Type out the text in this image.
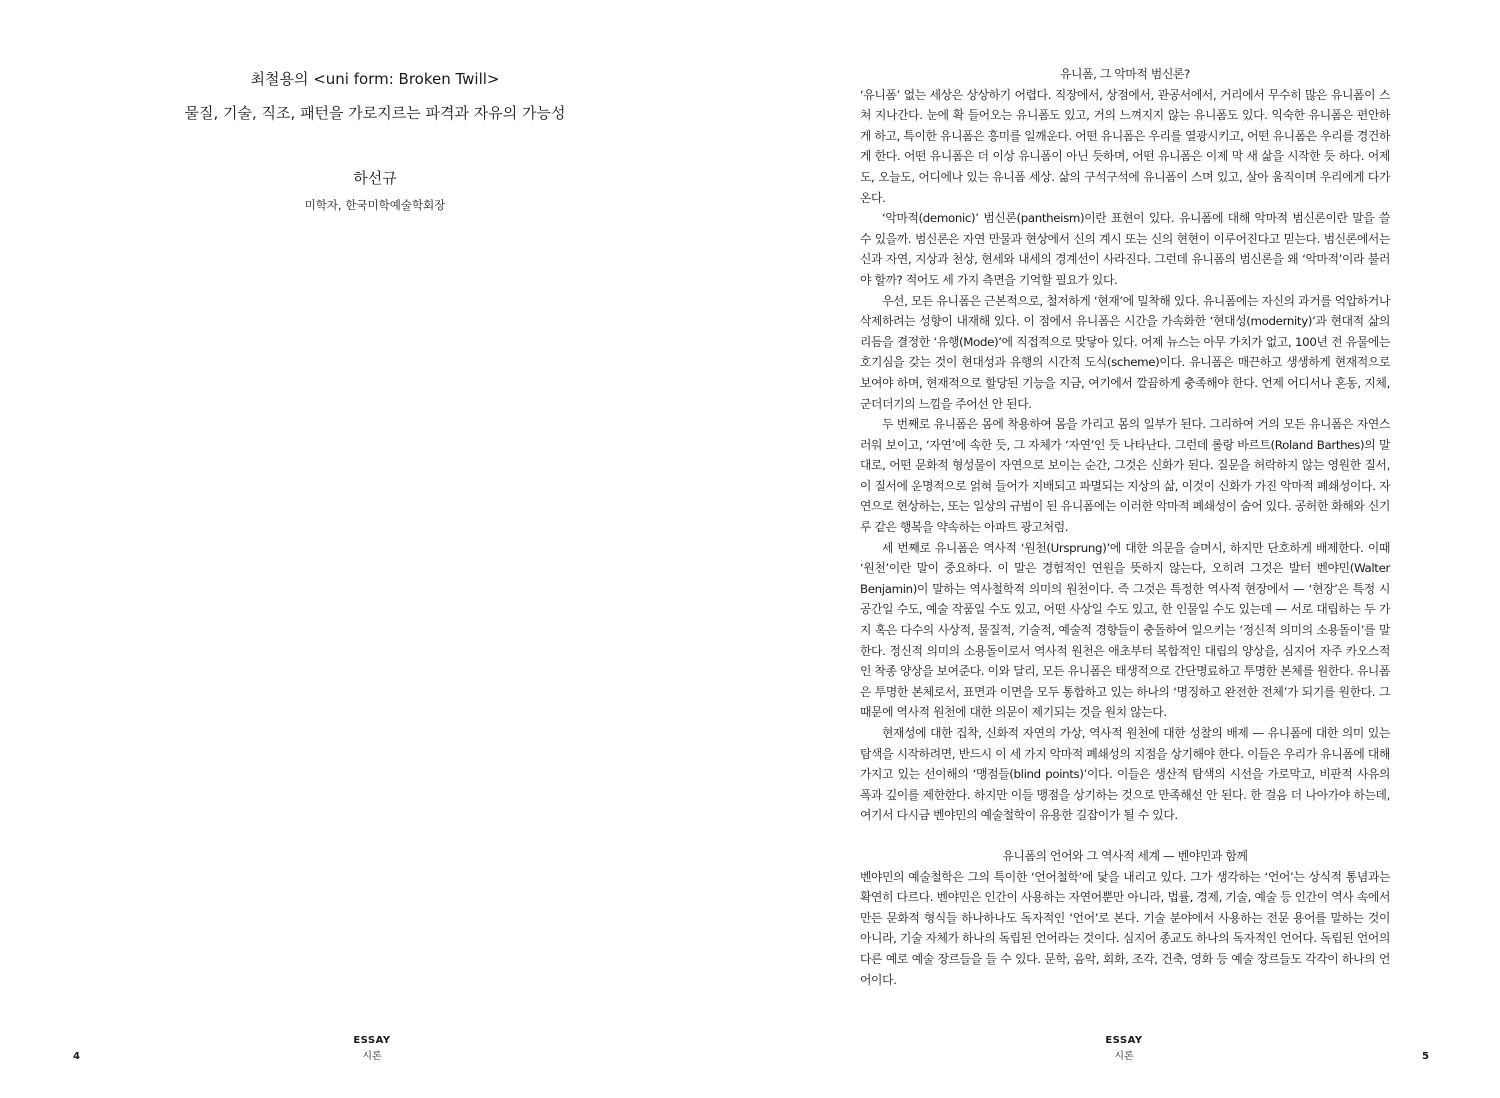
최철용의 <uni form: Broken Twill>

물질, 기술, 직조, 패턴을 가로지르는 파격과 자유의 가능성

하선규

미학자, 한국미학예술학회장

ESSAY
시론
4

유니폼, 그 악마적 범신론?

‘유니폼’ 없는 세상은 상상하기 어렵다. 직장에서, 상점에서, 관공서에서, 거리에서 무수히 많은 유니폼이 스쳐 지나간다. 눈에 확 들어오는 유니폼도 있고, 거의 느껴지지 않는 유니폼도 있다. 익숙한 유니폼은 편안하게 하고, 특이한 유니폼은 흥미를 일깨운다. 어떤 유니폼은 우리를 열광시키고, 어떤 유니폼은 우리를 경건하게 한다. 어떤 유니폼은 더 이상 유니폼이 아닌 듯하며, 어떤 유니폼은 이제 막 새 삶을 시작한 듯 하다. 어제도, 오늘도, 어디에나 있는 유니폼 세상. 삶의 구석구석에 유니폼이 스며 있고, 살아 움직이며 우리에게 다가온다.

‘악마적(demonic)’ 범신론(pantheism)이란 표현이 있다. 유니폼에 대해 악마적 범신론이란 말을 쓸 수 있을까. 범신론은 자연 만물과 현상에서 신의 계시 또는 신의 현현이 이루어진다고 믿는다. 범신론에서는 신과 자연, 지상과 천상, 현세와 내세의 경계선이 사라진다. 그런데 유니폼의 범신론을 왜 ‘악마적’이라 불러야 할까? 적어도 세 가지 측면을 기억할 필요가 있다.

우선, 모든 유니폼은 근본적으로, 철저하게 ‘현재’에 밀착해 있다. 유니폼에는 자신의 과거를 억압하거나 삭제하려는 성향이 내재해 있다. 이 점에서 유니폼은 시간을 가속화한 ‘현대성(modernity)’과 현대적 삶의 리듬을 결정한 ‘유행(Mode)’에 직접적으로 맞닿아 있다. 어제 뉴스는 아무 가치가 없고, 100년 전 유물에는 호기심을 갖는 것이 현대성과 유행의 시간적 도식(scheme)이다. 유니폼은 매끈하고 생생하게 현재적으로 보여야 하며, 현재적으로 할당된 기능을 지금, 여기에서 깔끔하게 충족해야 한다. 언제 어디서나 혼동, 지체, 군더더기의 느낌을 주어선 안 된다.

두 번째로 유니폼은 몸에 착용하여 몸을 가리고 몸의 일부가 된다. 그리하여 거의 모든 유니폼은 자연스러워 보이고, ‘자연’에 속한 듯, 그 자체가 ‘자연’인 듯 나타난다. 그런데 롤랑 바르트(Roland Barthes)의 말대로, 어떤 문화적 형성물이 자연으로 보이는 순간, 그것은 신화가 된다. 질문을 허락하지 않는 영원한 질서, 이 질서에 운명적으로 얽혀 들어가 지배되고 파멸되는 지상의 삶, 이것이 신화가 가진 악마적 폐쇄성이다. 자연으로 현상하는, 또는 일상의 규범이 된 유니폼에는 이러한 악마적 폐쇄성이 숨어 있다. 공허한 화해와 신기루 같은 행복을 약속하는 아파트 광고처럼.

세 번째로 유니폼은 역사적 ‘원천(Ursprung)’에 대한 의문을 슬며시, 하지만 단호하게 배제한다. 이때 ‘원천’이란 말이 중요하다. 이 말은 경험적인 연원을 뜻하지 않는다, 오히려 그것은 발터 벤야민(Walter Benjamin)이 말하는 역사철학적 의미의 원천이다. 즉 그것은 특정한 역사적 현장에서 — ‘현장’은 특정 시공간일 수도, 예술 작품일 수도 있고, 어떤 사상일 수도 있고, 한 인물일 수도 있는데 — 서로 대립하는 두 가지 혹은 다수의 사상적, 물질적, 기술적, 예술적 경향들이 충돌하여 일으키는 ‘정신적 의미의 소용돌이’를 말한다. 정신적 의미의 소용돌이로서 역사적 원천은 애초부터 복합적인 대립의 양상을, 심지어 자주 카오스적인 착종 양상을 보여준다. 이와 달리, 모든 유니폼은 태생적으로 간단명료하고 투명한 본체를 원한다. 유니폼은 투명한 본체로서, 표면과 이면을 모두 통합하고 있는 하나의 ‘명징하고 완전한 전체’가 되기를 원한다. 그 때문에 역사적 원천에 대한 의문이 제기되는 것을 원치 않는다.

현재성에 대한 집착, 신화적 자연의 가상, 역사적 원천에 대한 성찰의 배제 — 유니폼에 대한 의미 있는 탐색을 시작하려면, 반드시 이 세 가지 악마적 폐쇄성의 지점을 상기해야 한다. 이들은 우리가 유니폼에 대해 가지고 있는 선이해의 ‘맹점들(blind points)’이다. 이들은 생산적 탐색의 시선을 가로막고, 비판적 사유의 폭과 깊이를 제한한다. 하지만 이들 맹점을 상기하는 것으로 만족해선 안 된다. 한 걸음 더 나아가야 하는데, 여기서 다시금 벤야민의 예술철학이 유용한 길잡이가 될 수 있다.

유니폼의 언어와 그 역사적 세계 — 벤야민과 함께

벤야민의 예술철학은 그의 특이한 ‘언어철학’에 닻을 내리고 있다. 그가 생각하는 ‘언어’는 상식적 통념과는 확연히 다르다. 벤야민은 인간이 사용하는 자연어뿐만 아니라, 법률, 경제, 기술, 예술 등 인간이 역사 속에서 만든 문화적 형식들 하나하나도 독자적인 ‘언어’로 본다. 기술 분야에서 사용하는 전문 용어를 말하는 것이 아니라, 기술 자체가 하나의 독립된 언어라는 것이다. 심지어 종교도 하나의 독자적인 언어다. 독립된 언어의 다른 예로 예술 장르들을 들 수 있다. 문학, 음악, 회화, 조각, 건축, 영화 등 예술 장르들도 각각이 하나의 언어이다.

ESSAY
시론	5
